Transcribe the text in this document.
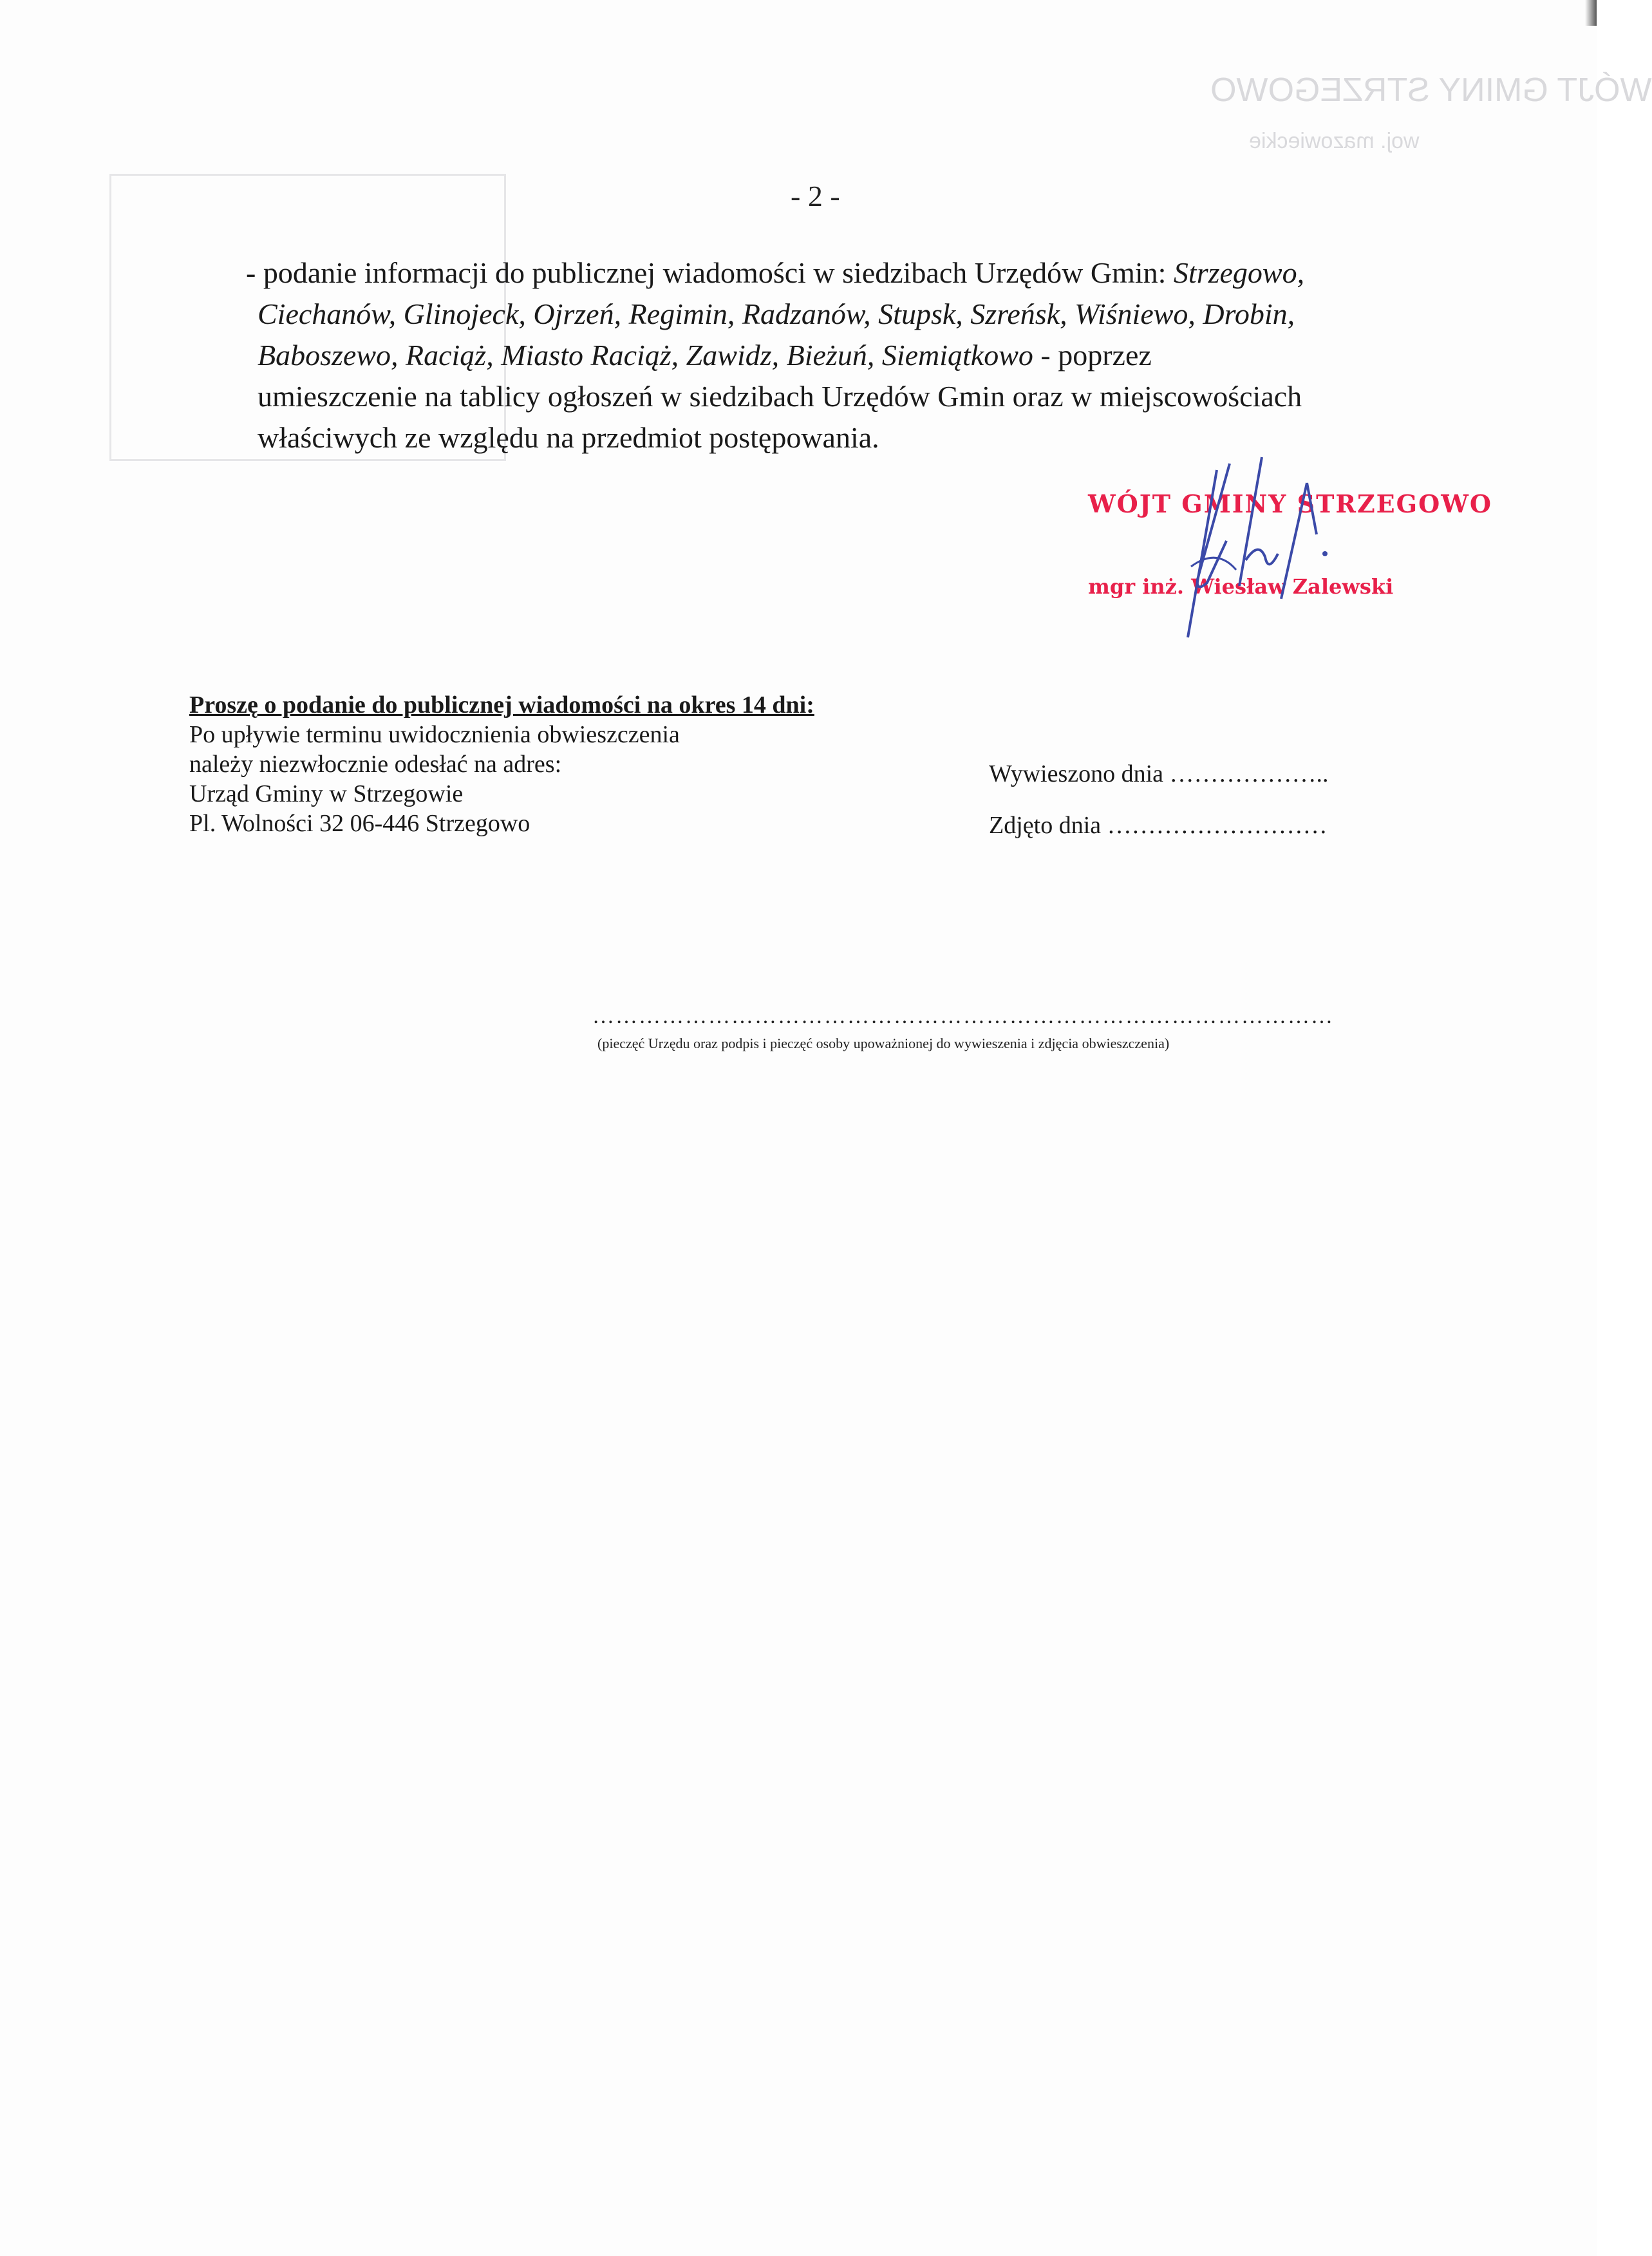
WÓJT GMINY STRZEGOWO
woj. mazowieckie
- 2 -
- podanie informacji do publicznej wiadomości w siedzibach Urzędów Gmin: Strzegowo,
Ciechanów, Glinojeck, Ojrzeń, Regimin, Radzanów, Stupsk, Szreńsk, Wiśniewo, Drobin,
Baboszewo, Raciąż, Miasto Raciąż, Zawidz, Bieżuń, Siemiątkowo - poprzez
umieszczenie na tablicy ogłoszeń w siedzibach Urzędów Gmin oraz w miejscowościach
właściwych ze względu na przedmiot postępowania.
WÓJT GMINY STRZEGOWO
mgr inż. Wiesław Zalewski
Proszę o podanie do publicznej wiadomości na okres 14 dni:
Po upływie terminu uwidocznienia obwieszczenia
należy niezwłocznie odesłać na adres:
Urząd Gminy w Strzegowie
Pl. Wolności 32 06-446 Strzegowo
Wywieszono dnia ………………..
Zdjęto dnia ………………………
……………………………………………………………………………………
(pieczęć Urzędu oraz podpis i pieczęć osoby upoważnionej do wywieszenia i zdjęcia obwieszczenia)
